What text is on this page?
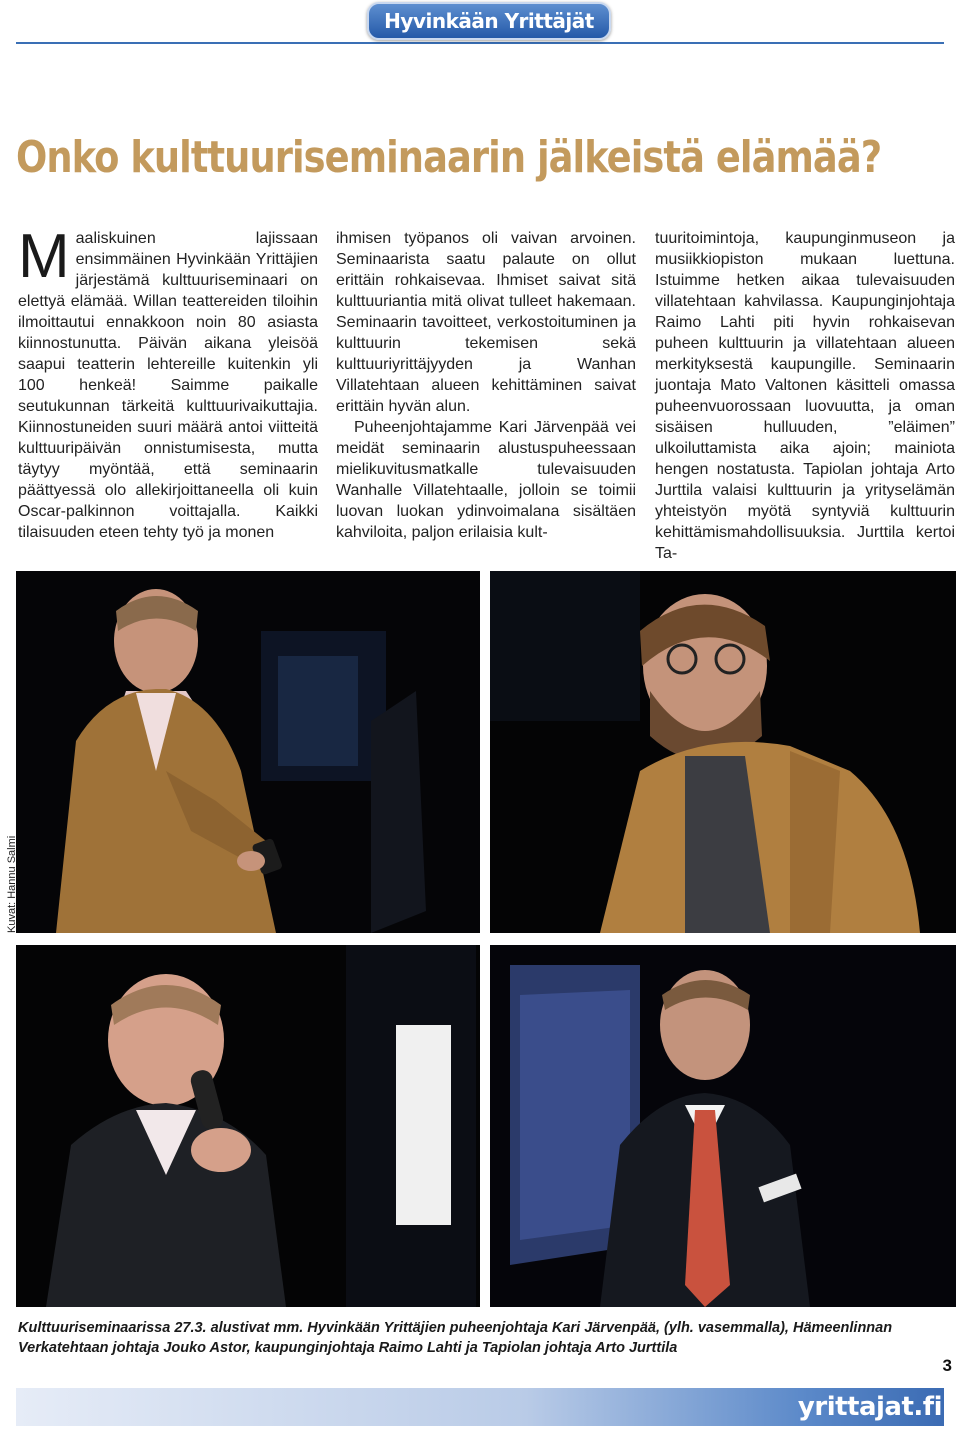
Hyvinkään Yrittäjät
Onko kulttuuriseminaarin jälkeistä elämää?

Maaliskuinen lajissaan ensimmäinen Hyvinkään Yrittäjien järjestämä kulttuuriseminaari on elettyä elämää. Willan teattereiden tiloihin ilmoittautui ennakkoon noin 80 asiasta kiinnostunutta. Päivän aikana yleisöä saapui teatterin lehtereille kuitenkin yli 100 henkeä! Saimme paikalle seutukunnan tärkeitä kulttuurivaikuttajia. Kiinnostuneiden suuri määrä antoi viitteitä kulttuuripäivän onnistumisesta, mutta täytyy myöntää, että seminaarin päättyessä olo allekirjoittaneella oli kuin Oscar-palkinnon voittajalla. Kaikki tilaisuuden eteen tehty työ ja monen

ihmisen työpanos oli vaivan arvoinen. Seminaarista saatu palaute on ollut erittäin rohkaisevaa. Ihmiset saivat sitä kulttuuriantia mitä olivat tulleet hakemaan. Seminaarin tavoitteet, verkostoituminen ja kulttuurin tekemisen sekä kulttuuriyrittäjyyden ja Wanhan Villatehtaan alueen kehittäminen saivat erittäin hyvän alun.

Puheenjohtajamme Kari Järvenpää vei meidät seminaarin alustuspuheessaan mielikuvitusmatkalle tulevaisuuden Wanhalle Villatehtaalle, jolloin se toimii luovan luokan ydinvoimalana sisältäen kahviloita, paljon erilaisia kult-

tuuritoimintoja, kaupunginmuseon ja musiikkiopiston mukaan luettuna. Istuimme hetken aikaa tulevaisuuden villatehtaan kahvilassa. Kaupunginjohtaja Raimo Lahti piti hyvin rohkaisevan puheen kulttuurin ja villatehtaan alueen merkityksestä kaupungille. Seminaarin juontaja Mato Valtonen käsitteli omassa puheenvuorossaan luovuutta, ja oman sisäisen hulluuden, ”eläimen” ulkoiluttamista aika ajoin; mainiota hengen nostatusta. Tapiolan johtaja Arto Jurttila valaisi kulttuurin ja yrityselämän yhteistyön myötä syntyviä kulttuurin kehittämismahdollisuuksia. Jurttila kertoi Ta-

Kuvat: Hannu Salmi
Kulttuuriseminaarissa 27.3. alustivat mm. Hyvinkään Yrittäjien puheenjohtaja Kari Järvenpää, (ylh. vasemmalla), Hämeenlinnan Verkatehtaan johtaja Jouko Astor, kaupunginjohtaja Raimo Lahti ja Tapiolan johtaja Arto Jurttila
3
yrittajat.fi
